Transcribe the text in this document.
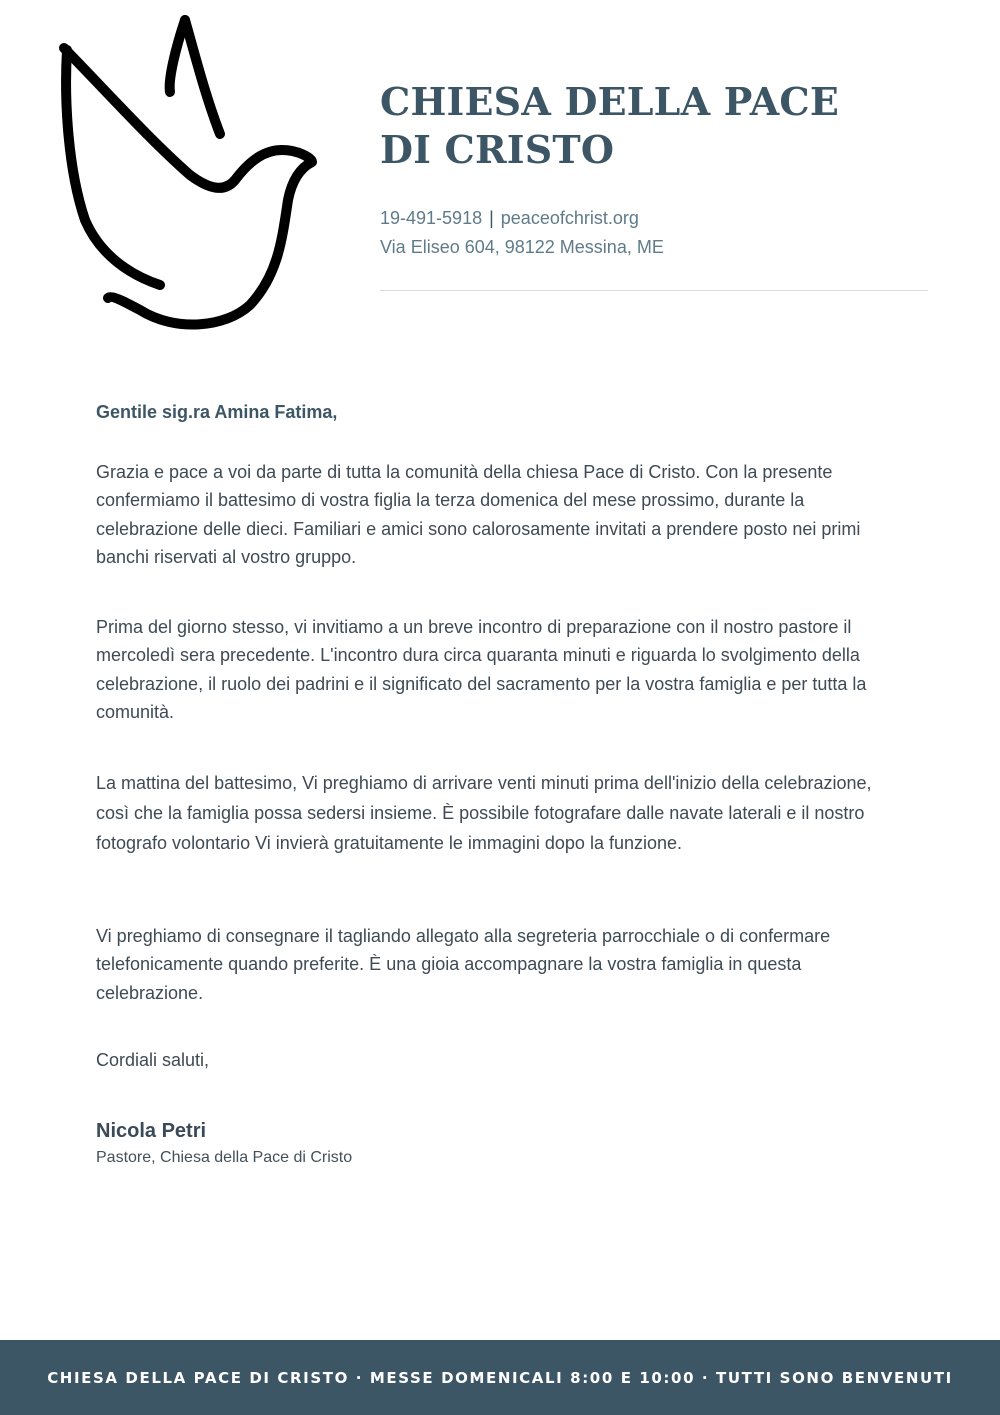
CHIESA DELLA PACE
DI CRISTO
19-491-5918 | peaceofchrist.org
Via Eliseo 604, 98122 Messina, ME

Gentile sig.ra Amina Fatima,

Grazia e pace a voi da parte di tutta la comunità della chiesa Pace di Cristo. Con la presente confermiamo il battesimo di vostra figlia la terza domenica del mese prossimo, durante la celebrazione delle dieci. Familiari e amici sono calorosamente invitati a prendere posto nei primi banchi riservati al vostro gruppo.

Prima del giorno stesso, vi invitiamo a un breve incontro di preparazione con il nostro pastore il mercoledì sera precedente. L'incontro dura circa quaranta minuti e riguarda lo svolgimento della celebrazione, il ruolo dei padrini e il significato del sacramento per la vostra famiglia e per tutta la comunità.

La mattina del battesimo, Vi preghiamo di arrivare venti minuti prima dell'inizio della celebrazione, così che la famiglia possa sedersi insieme. È possibile fotografare dalle navate laterali e il nostro fotografo volontario Vi invierà gratuitamente le immagini dopo la funzione.

Vi preghiamo di consegnare il tagliando allegato alla segreteria parrocchiale o di confermare telefonicamente quando preferite. È una gioia accompagnare la vostra famiglia in questa celebrazione.

Cordiali saluti,

Nicola Petri

Pastore, Chiesa della Pace di Cristo

CHIESA DELLA PACE DI CRISTO · MESSE DOMENICALI 8:00 E 10:00 · TUTTI SONO BENVENUTI
